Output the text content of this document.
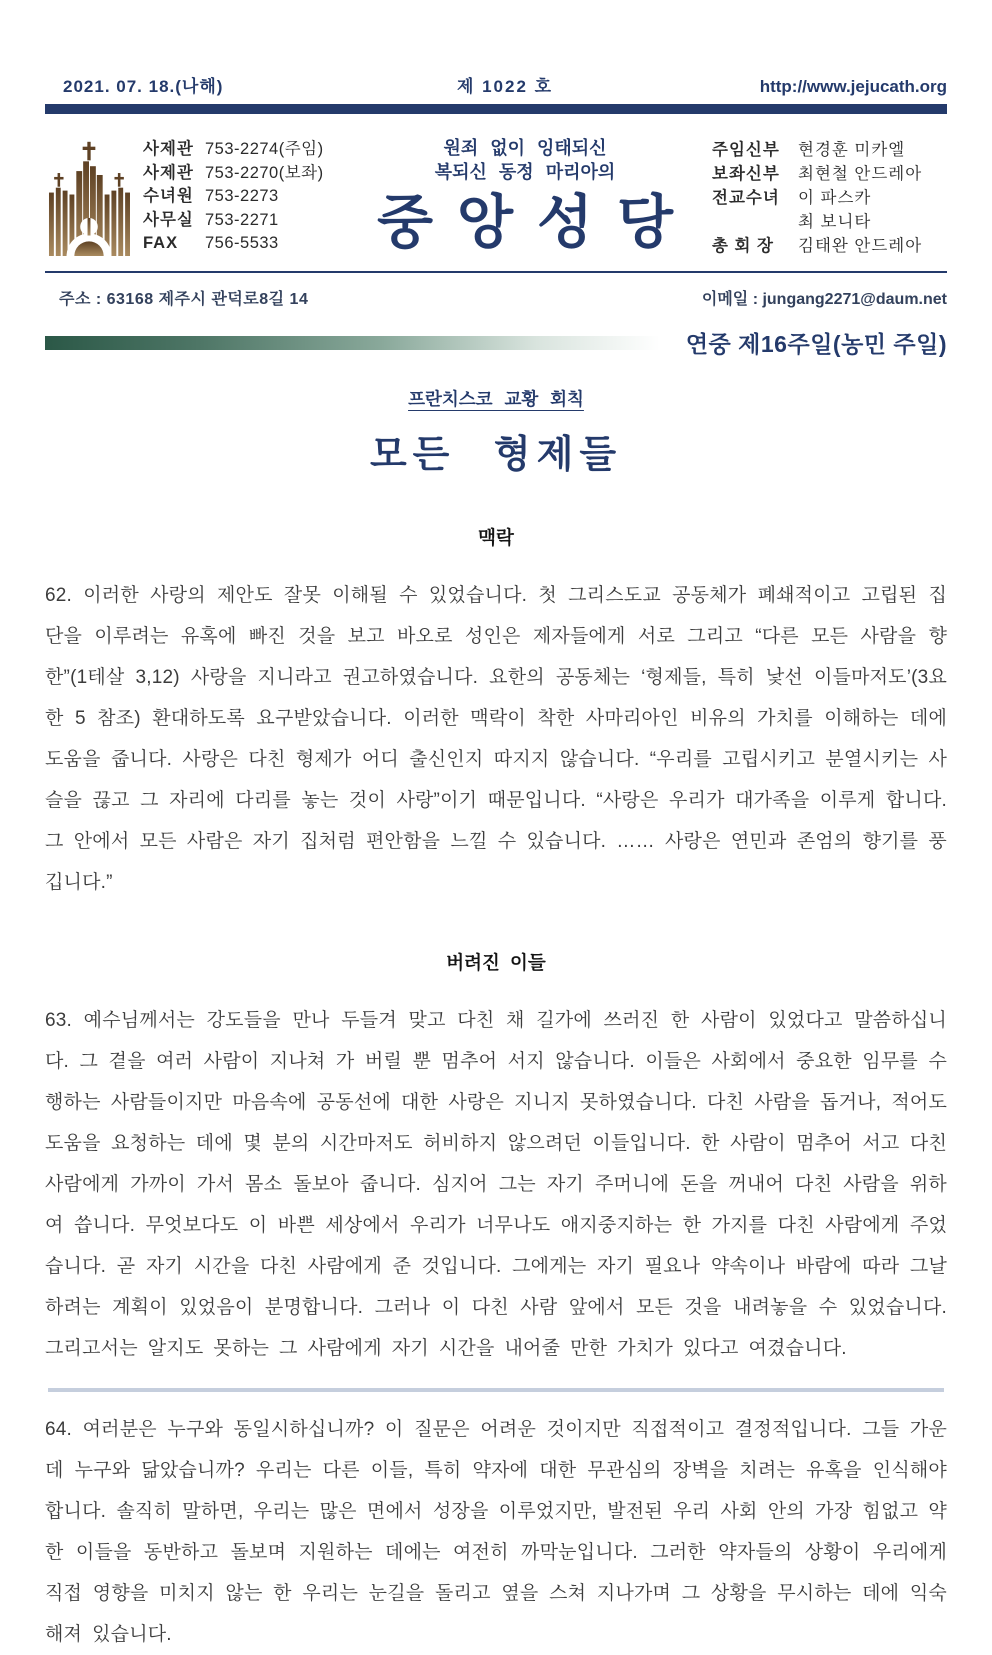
2021. 07. 18.(나해)	제 1022 호	http://www.jejucath.org
사제관 753-2274(주임)
사제관 753-2270(보좌)
수녀원 753-2273
사무실 753-2271
FAX	756-5533
원죄 없이 잉태되신
복되신 동정 마리아의
중앙성당
주임신부	현경훈 미카엘
보좌신부	최현철 안드레아
전교수녀	이 파스카
최 보니타
총 회 장	김태완 안드레아
주소 : 63168 제주시 관덕로8길 14	이메일 : jungang2271@daum.net
연중 제16주일(농민 주일)
프란치스코 교황 회칙
모든 형제들
맥락

62. 이러한 사랑의 제안도 잘못 이해될 수 있었습니다. 첫 그리스도교 공동체가 폐쇄적이고 고립된 집단을 이루려는 유혹에 빠진 것을 보고 바오로 성인은 제자들에게 서로 그리고 “다른 모든 사람을 향한”(1테살 3,12) 사랑을 지니라고 권고하였습니다. 요한의 공동체는 ‘형제들, 특히 낯선 이들마저도’(3요한 5 참조) 환대하도록 요구받았습니다. 이러한 맥락이 착한 사마리아인 비유의 가치를 이해하는 데에 도움을 줍니다. 사랑은 다친 형제가 어디 출신인지 따지지 않습니다. “우리를 고립시키고 분열시키는 사슬을 끊고 그 자리에 다리를 놓는 것이 사랑”이기 때문입니다. “사랑은 우리가 대가족을 이루게 합니다. 그 안에서 모든 사람은 자기 집처럼 편안함을 느낄 수 있습니다. …… 사랑은 연민과 존엄의 향기를 풍깁니다.”

버려진 이들

63. 예수님께서는 강도들을 만나 두들겨 맞고 다친 채 길가에 쓰러진 한 사람이 있었다고 말씀하십니다. 그 곁을 여러 사람이 지나쳐 가 버릴 뿐 멈추어 서지 않습니다. 이들은 사회에서 중요한 임무를 수행하는 사람들이지만 마음속에 공동선에 대한 사랑은 지니지 못하였습니다. 다친 사람을 돕거나, 적어도 도움을 요청하는 데에 몇 분의 시간마저도 허비하지 않으려던 이들입니다. 한 사람이 멈추어 서고 다친 사람에게 가까이 가서 몸소 돌보아 줍니다. 심지어 그는 자기 주머니에 돈을 꺼내어 다친 사람을 위하여 씁니다. 무엇보다도 이 바쁜 세상에서 우리가 너무나도 애지중지하는 한 가지를 다친 사람에게 주었습니다. 곧 자기 시간을 다친 사람에게 준 것입니다. 그에게는 자기 필요나 약속이나 바람에 따라 그날 하려는 계획이 있었음이 분명합니다. 그러나 이 다친 사람 앞에서 모든 것을 내려놓을 수 있었습니다. 그리고서는 알지도 못하는 그 사람에게 자기 시간을 내어줄 만한 가치가 있다고 여겼습니다.

64. 여러분은 누구와 동일시하십니까? 이 질문은 어려운 것이지만 직접적이고 결정적입니다. 그들 가운데 누구와 닮았습니까? 우리는 다른 이들, 특히 약자에 대한 무관심의 장벽을 치려는 유혹을 인식해야 합니다. 솔직히 말하면, 우리는 많은 면에서 성장을 이루었지만, 발전된 우리 사회 안의 가장 힘없고 약한 이들을 동반하고 돌보며 지원하는 데에는 여전히 까막눈입니다. 그러한 약자들의 상황이 우리에게 직접 영향을 미치지 않는 한 우리는 눈길을 돌리고 옆을 스쳐 지나가며 그 상황을 무시하는 데에 익숙해져 있습니다.
